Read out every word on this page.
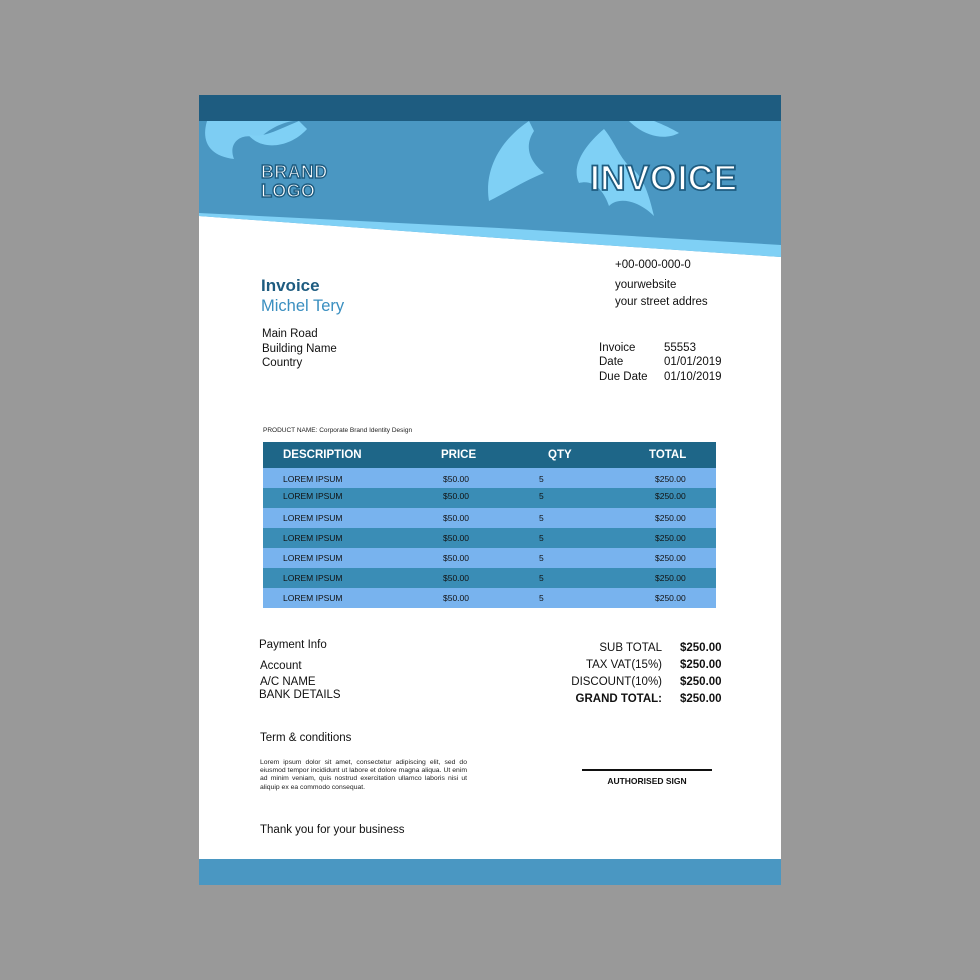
BRAND
LOGO	INVOICE
+00-000-000-0
yourwebsite
your street addres
Invoice
Michel Tery
Main Road
Building Name
Country
Invoice 55553
Date	01/01/2019
Due Date 01/10/2019
PRODUCT NAME: Corporate Brand Identity Design
DESCRIPTION	PRICE	QTY	TOTAL
LOREM IPSUM	$50.00	5	$250.00
LOREM IPSUM	$50.00	5	$250.00
LOREM IPSUM	$50.00	5	$250.00
LOREM IPSUM	$50.00	5	$250.00
LOREM IPSUM	$50.00	5	$250.00
LOREM IPSUM	$50.00	5	$250.00
LOREM IPSUM	$50.00	5	$250.00
Payment Info
Account
A/C NAME
BANK DETAILS
SUB TOTAL $250.00
TAX VAT(15%) $250.00
DISCOUNT(10%) $250.00
GRAND TOTAL: $250.00
Term & conditions
Lorem ipsum dolor sit amet, consectetur adipiscing elit, sed do eiusmod tempor incididunt ut labore et dolore magna aliqua. Ut enim ad minim veniam, quis nostrud exercitation ullamco laboris nisi ut aliquip ex ea commodo consequat.
AUTHORISED SIGN
Thank you for your business
